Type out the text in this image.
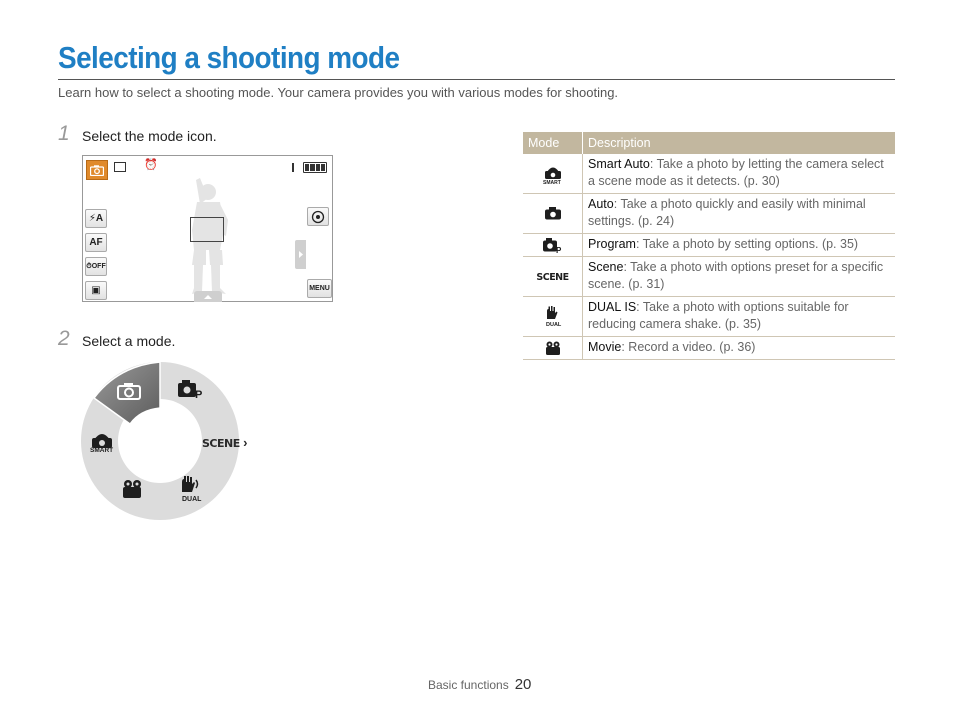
Selecting a shooting mode
Learn how to select a shooting mode. Your camera provides you with various modes for shooting.
1 Select the mode icon.
⏰
⚡A
AF
⏱OFF
▣	MENU
2 Select a mode.
P
SMART
DUAL
SCENE ›
Mode	Description

SMART	Smart Auto: Take a photo by letting the camera select a scene mode as it detects. (p. 30)

	Auto: Take a photo quickly and easily with minimal settings. (p. 24)

P	Program: Take a photo by setting options. (p. 35)
SCENE	Scene: Take a photo with options preset for a specific scene. (p. 31)

DUAL	DUAL IS: Take a photo with options suitable for reducing camera shake. (p. 35)

	Movie: Record a video. (p. 36)
Basic functions 20
